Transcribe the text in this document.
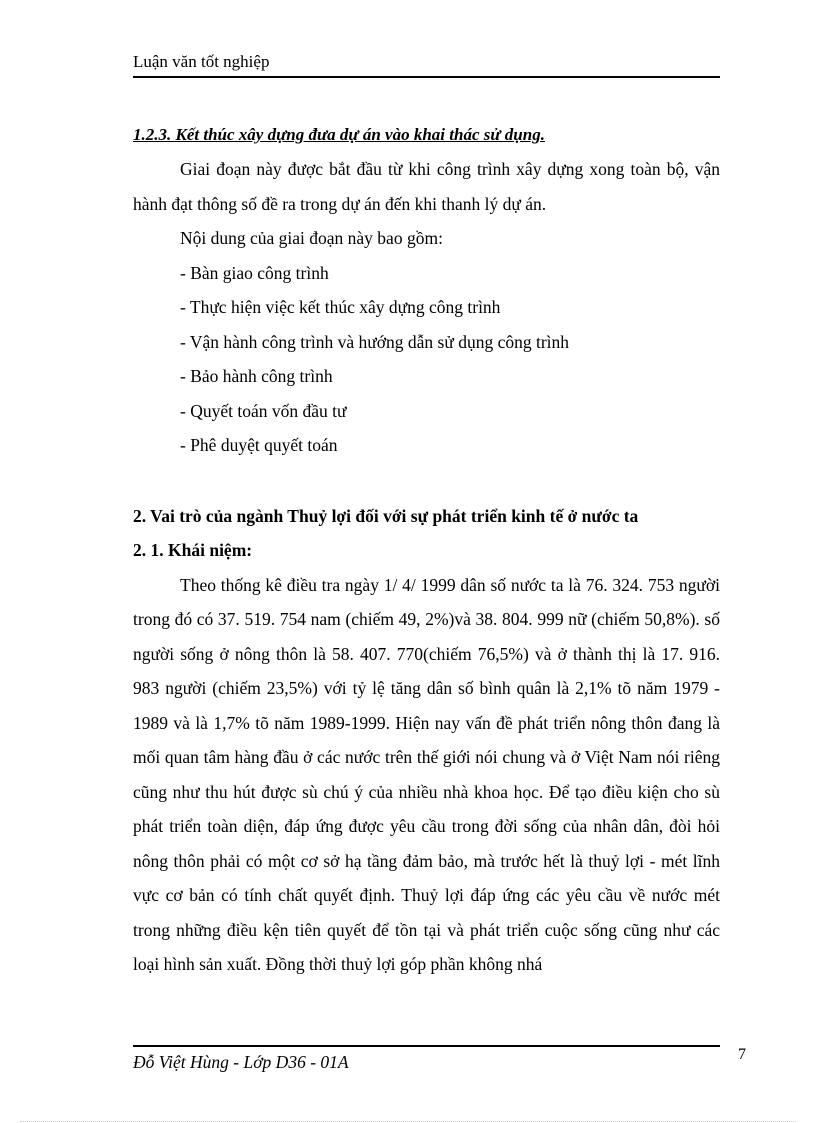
Luận văn tốt nghiệp

1.2.3. Kết thúc xây dựng đưa dự án vào khai thác sử dụng.

Giai đoạn này được bắt đầu từ khi công trình xây dựng xong toàn bộ, vận hành đạt thông số đề ra trong dự án đến khi thanh lý dự án.

Nội dung của giai đoạn này bao gồm:

- Bàn giao công trình

- Thực hiện việc kết thúc xây dựng công trình

- Vận hành công trình và hướng dẫn sử dụng công trình

- Bảo hành công trình

- Quyết toán vốn đầu tư

- Phê duyệt quyết toán

2. Vai trò của ngành Thuỷ lợi đối với sự phát triển kinh tế ở nước ta

2. 1. Khái niệm:

Theo thống kê điều tra ngày 1/ 4/ 1999 dân số nước ta là 76. 324. 753 người trong đó có 37. 519. 754 nam (chiếm 49, 2%)và 38. 804. 999 nữ (chiếm 50,8%). số người sống ở nông thôn là 58. 407. 770(chiếm 76,5%) và ở thành thị là 17. 916. 983 người (chiếm 23,5%) với tỷ lệ tăng dân số bình quân là 2,1% tõ năm 1979 - 1989 và là 1,7% tõ năm 1989-1999. Hiện nay vấn đề phát triển nông thôn đang là mối quan tâm hàng đầu ở các nước trên thế giới nói chung và ở Việt Nam nói riêng cũng như thu hút được sù chú ý của nhiều nhà khoa học. Để tạo điều kiện cho sù phát triển toàn diện, đáp ứng được yêu cầu trong đời sống của nhân dân, đòi hỏi nông thôn phải có một cơ sở hạ tầng đảm bảo, mà trước hết là thuỷ lợi - mét lĩnh vực cơ bản có tính chất quyết định. Thuỷ lợi đáp ứng các yêu cầu về nước mét trong những điều kện tiên quyết để tồn tại và phát triển cuộc sống cũng như các loại hình sản xuất. Đồng thời thuỷ lợi góp phần không nhá

Đỗ Việt Hùng - Lớp D36 - 01A	7
